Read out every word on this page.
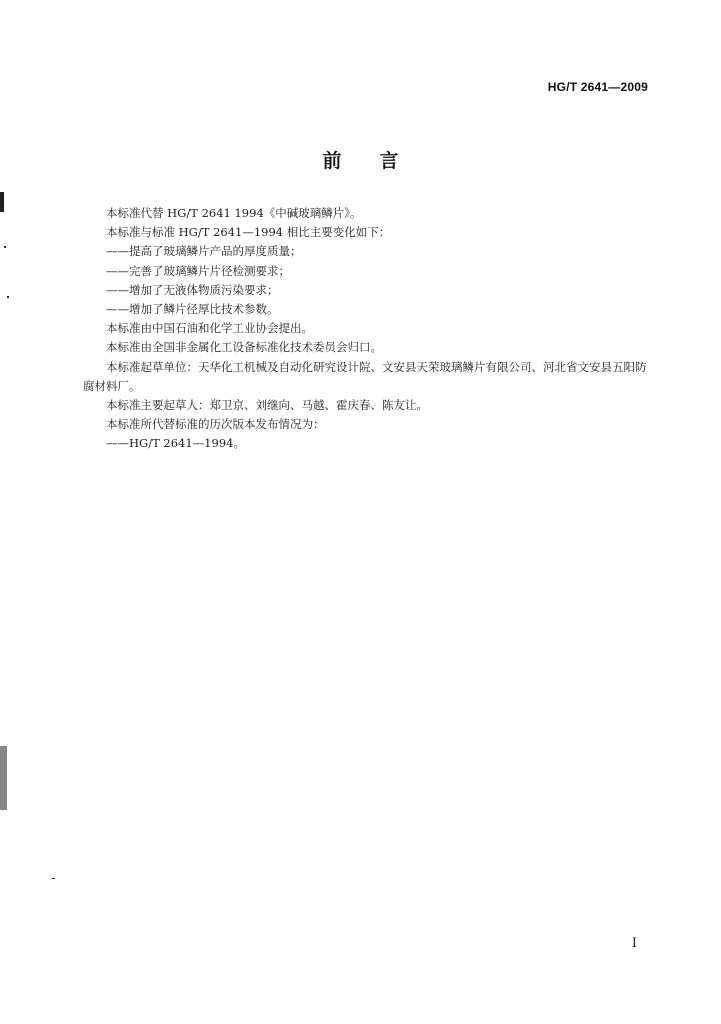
HG/T 2641—2009
前言

本标准代替 HG/T 2641 1994《中碱玻璃鳞片》。

本标准与标准 HG/T 2641—1994 相比主要变化如下：

——提高了玻璃鳞片产品的厚度质量；

——完善了玻璃鳞片片径检测要求；

——增加了无液体物质污染要求；

——增加了鳞片径厚比技术参数。

本标准由中国石油和化学工业协会提出。

本标准由全国非金属化工设备标准化技术委员会归口。

本标准起草单位：天华化工机械及自动化研究设计院、文安县天荣玻璃鳞片有限公司、河北省文安县五阳防腐材料厂。

本标准主要起草人：郑卫京、刘继向、马越、霍庆春、陈友让。

本标准所代替标准的历次版本发布情况为：

——HG/T 2641—1994。

I
